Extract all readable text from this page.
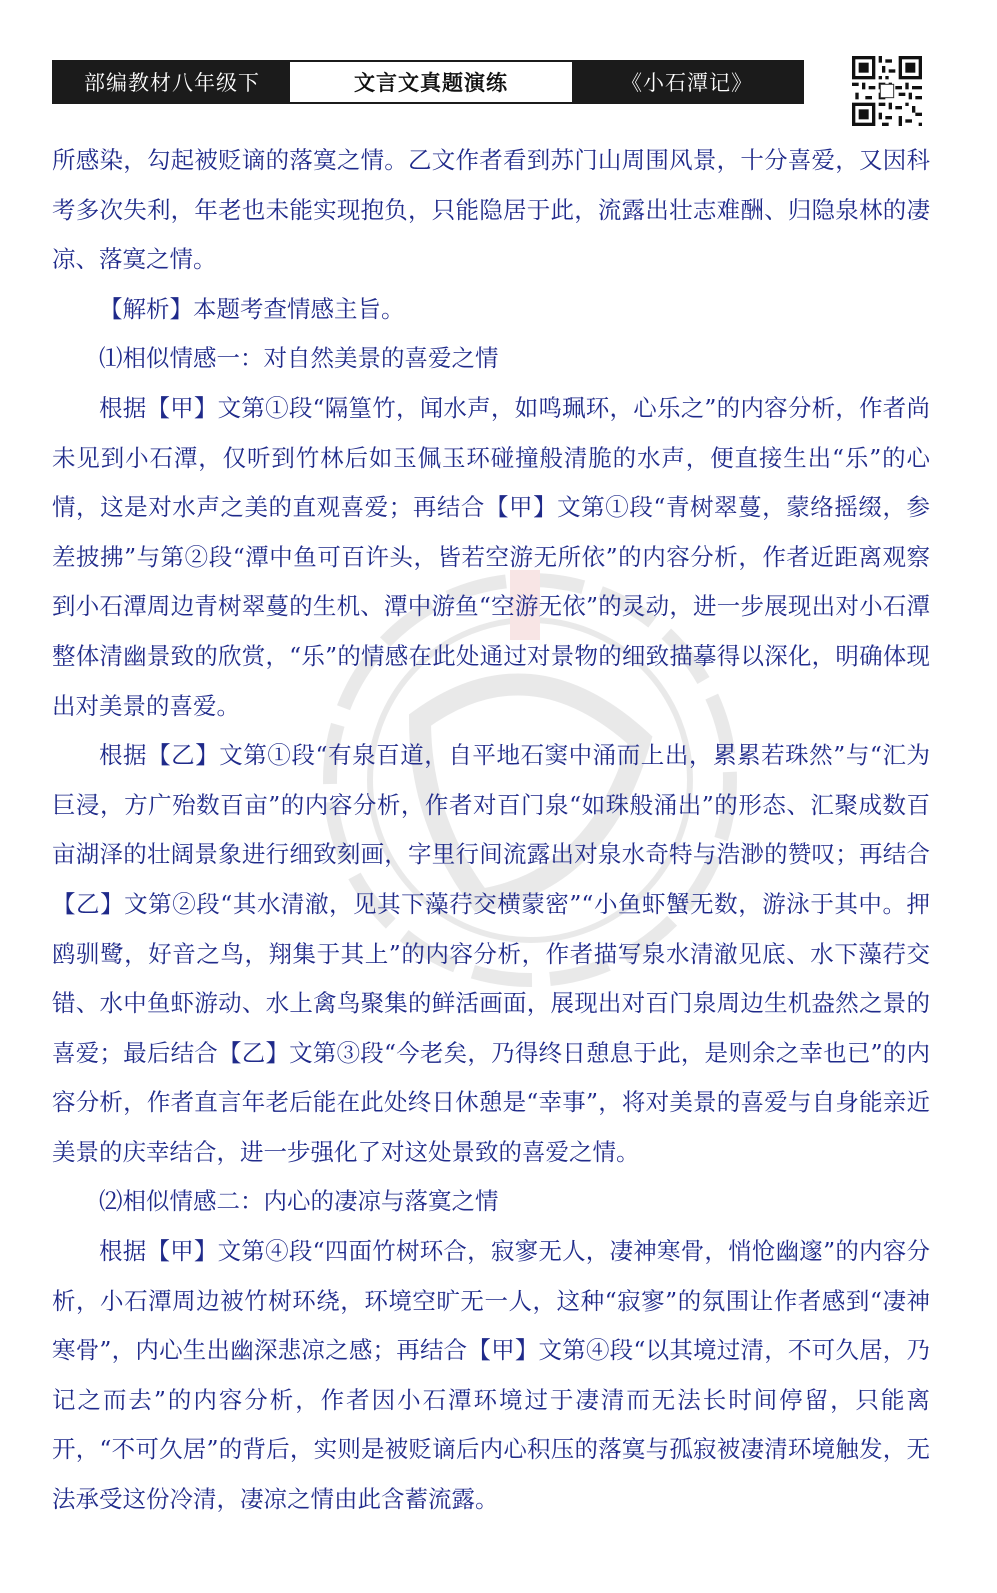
部编教材八年级下	文言文真题演练	《小石潭记》

所感染，勾起被贬谪的落寞之情。乙文作者看到苏门山周围风景，十分喜爱，又因科考多次失利，年老也未能实现抱负，只能隐居于此，流露出壮志难酬、归隐泉林的凄凉、落寞之情。

【解析】本题考查情感主旨。

⑴相似情感一：对自然美景的喜爱之情

根据【甲】文第①段“隔篁竹，闻水声，如鸣珮环，心乐之”的内容分析，作者尚未见到小石潭，仅听到竹林后如玉佩玉环碰撞般清脆的水声，便直接生出“乐”的心情，这是对水声之美的直观喜爱；再结合【甲】文第①段“青树翠蔓，蒙络摇缀，参差披拂”与第②段“潭中鱼可百许头，皆若空游无所依”的内容分析，作者近距离观察到小石潭周边青树翠蔓的生机、潭中游鱼“空游无依”的灵动，进一步展现出对小石潭整体清幽景致的欣赏，“乐”的情感在此处通过对景物的细致描摹得以深化，明确体现出对美景的喜爱。

根据【乙】文第①段“有泉百道，自平地石窦中涌而上出，累累若珠然”与“汇为巨浸，方广殆数百亩”的内容分析，作者对百门泉“如珠般涌出”的形态、汇聚成数百亩湖泽的壮阔景象进行细致刻画，字里行间流露出对泉水奇特与浩渺的赞叹；再结合【乙】文第②段“其水清澈，见其下藻荇交横蒙密”“小鱼虾蟹无数，游泳于其中。押鸥驯鹭，好音之鸟，翔集于其上”的内容分析，作者描写泉水清澈见底、水下藻荇交错、水中鱼虾游动、水上禽鸟聚集的鲜活画面，展现出对百门泉周边生机盎然之景的喜爱；最后结合【乙】文第③段“今老矣，乃得终日憩息于此，是则余之幸也已”的内容分析，作者直言年老后能在此处终日休憩是“幸事”，将对美景的喜爱与自身能亲近美景的庆幸结合，进一步强化了对这处景致的喜爱之情。

⑵相似情感二：内心的凄凉与落寞之情

根据【甲】文第④段“四面竹树环合，寂寥无人，凄神寒骨，悄怆幽邃”的内容分析，小石潭周边被竹树环绕，环境空旷无一人，这种“寂寥”的氛围让作者感到“凄神寒骨”，内心生出幽深悲凉之感；再结合【甲】文第④段“以其境过清，不可久居，乃记之而去”的内容分析，作者因小石潭环境过于凄清而无法长时间停留，只能离开，“不可久居”的背后，实则是被贬谪后内心积压的落寞与孤寂被凄清环境触发，无法承受这份冷清，凄凉之情由此含蓄流露。
